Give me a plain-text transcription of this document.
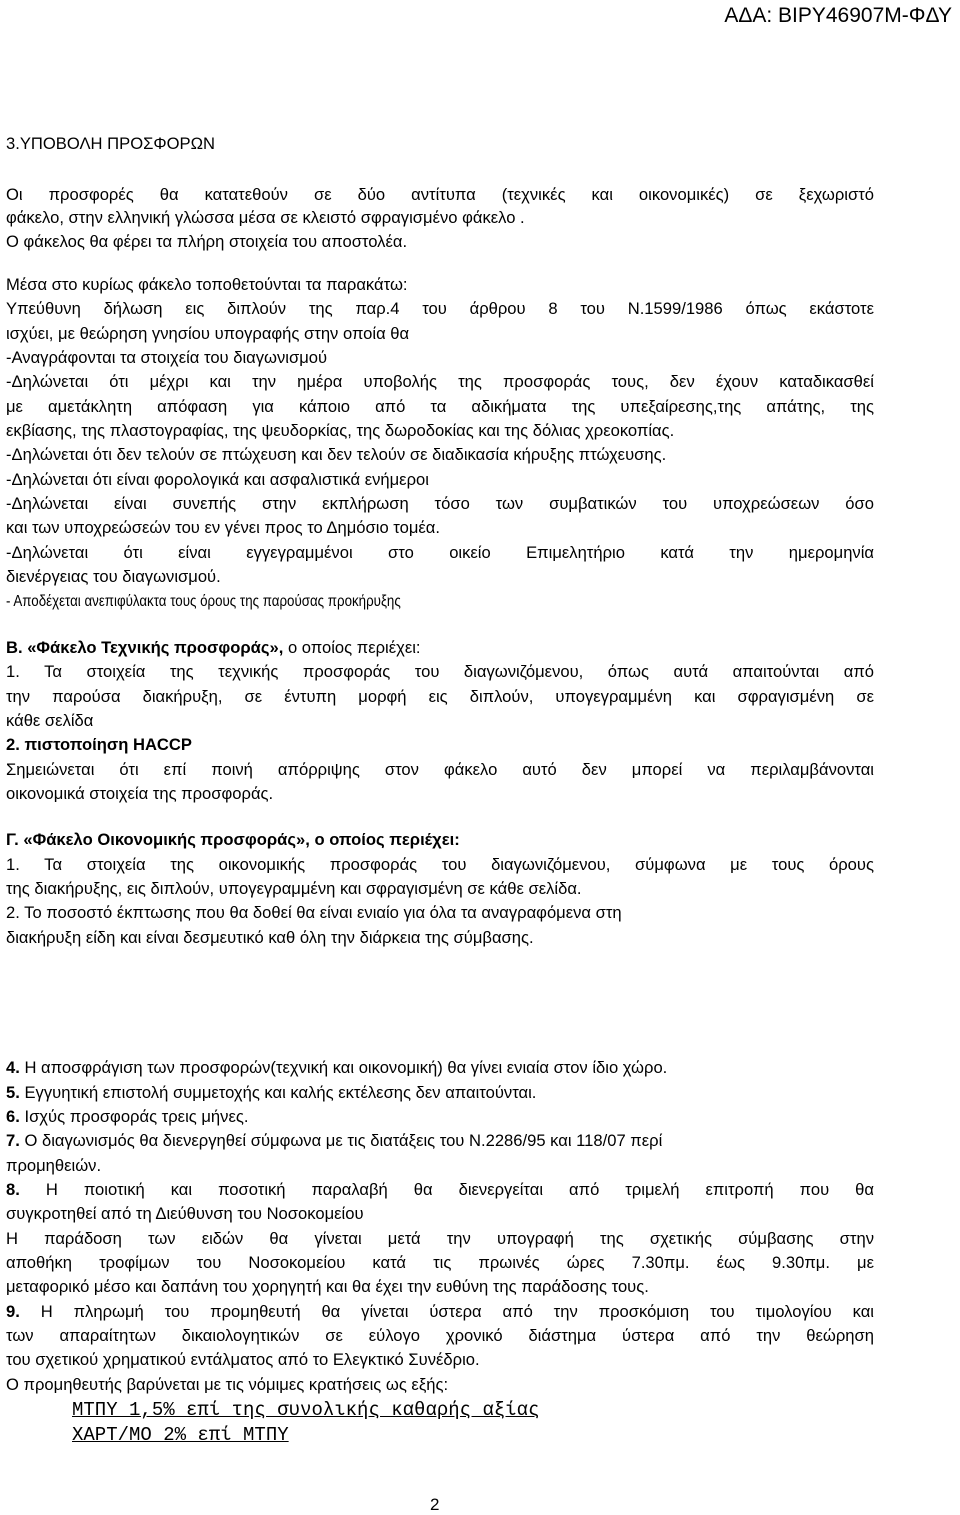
ΑΔΑ: ΒΙΡΥ46907Μ-ΦΔΥ
3.ΥΠΟΒΟΛΗ ΠΡΟΣΦΟΡΩΝ
Οι προσφορές θα κατατεθούν σε δύο αντίτυπα (τεχνικές και οικονομικές) σε ξεχωριστό
φάκελο, στην ελληνική γλώσσα μέσα σε κλειστό σφραγισμένο φάκελο .
Ο φάκελος θα φέρει τα πλήρη στοιχεία του αποστολέα.
Μέσα στο κυρίως φάκελο τοποθετούνται τα παρακάτω:
Υπεύθυνη δήλωση εις διπλούν της παρ.4 του άρθρου 8 του Ν.1599/1986 όπως εκάστοτε
ισχύει, με θεώρηση γνησίου υπογραφής στην οποία θα
-Αναγράφονται τα στοιχεία του διαγωνισμού
-Δηλώνεται ότι μέχρι και την ημέρα υποβολής της προσφοράς τους, δεν έχουν καταδικασθεί
με αμετάκλητη απόφαση για κάποιο από τα αδικήματα της υπεξαίρεσης,της απάτης, της
εκβίασης, της πλαστογραφίας, της ψευδορκίας, της δωροδοκίας και της δόλιας χρεοκοπίας.
-Δηλώνεται ότι δεν τελούν σε πτώχευση και δεν τελούν σε διαδικασία κήρυξης πτώχευσης.
-Δηλώνεται ότι είναι φορολογικά και ασφαλιστικά ενήμεροι
-Δηλώνεται είναι συνεπής στην εκπλήρωση τόσο των συμβατικών του υποχρεώσεων όσο
και των υποχρεώσεών του εν γένει προς το Δημόσιο τομέα.
-Δηλώνεται ότι είναι εγγεγραμμένοι στο οικείο Επιμελητήριο κατά την ημερομηνία
διενέργειας του διαγωνισμού.
- Αποδέχεται ανεπιφύλακτα τους όρους της παρούσας προκήρυξης
Β. «Φάκελο Τεχνικής προσφοράς», ο οποίος περιέχει:
1. Τα στοιχεία της τεχνικής προσφοράς του διαγωνιζόμενου, όπως αυτά απαιτούνται από
την παρούσα διακήρυξη, σε έντυπη μορφή εις διπλούν, υπογεγραμμένη και σφραγισμένη σε
κάθε σελίδα
2. πιστοποίηση HACCP
Σημειώνεται ότι επί ποινή απόρριψης στον φάκελο αυτό δεν μπορεί να περιλαμβάνονται
οικονομικά στοιχεία της προσφοράς.
Γ. «Φάκελο Οικονομικής προσφοράς», ο οποίος περιέχει:
1. Τα στοιχεία της οικονομικής προσφοράς του διαγωνιζόμενου, σύμφωνα με τους όρους
της διακήρυξης, εις διπλούν, υπογεγραμμένη και σφραγισμένη σε κάθε σελίδα.
2. Το ποσοστό έκπτωσης που θα δοθεί θα είναι ενιαίο για όλα τα αναγραφόμενα στη
διακήρυξη είδη και είναι δεσμευτικό καθ όλη την διάρκεια της σύμβασης.
4. Η αποσφράγιση των προσφορών(τεχνική και οικονομική) θα γίνει ενιαία στον ίδιο χώρο.
5. Εγγυητική επιστολή συμμετοχής και καλής εκτέλεσης δεν απαιτούνται.
6. Ισχύς προσφοράς τρεις μήνες.
7. Ο διαγωνισμός θα διενεργηθεί σύμφωνα με τις διατάξεις του Ν.2286/95 και 118/07 περί
προμηθειών.
8. Η ποιοτική και ποσοτική παραλαβή θα διενεργείται από τριμελή επιτροπή που θα
συγκροτηθεί από τη Διεύθυνση του Νοσοκομείου
Η παράδοση των ειδών θα γίνεται μετά την υπογραφή της σχετικής σύμβασης στην
αποθήκη τροφίμων του Νοσοκομείου κατά τις πρωινές ώρες 7.30πμ. έως 9.30πμ. με
μεταφορικό μέσο και δαπάνη του χορηγητή και θα έχει την ευθύνη της παράδοσης τους.
9. Η πληρωμή του προμηθευτή θα γίνεται ύστερα από την προσκόμιση του τιμολογίου και
των απαραίτητων δικαιολογητικών σε εύλογο χρονικό διάστημα ύστερα από την θεώρηση
του σχετικού χρηματικού εντάλματος από το Ελεγκτικό Συνέδριο.
Ο προμηθευτής βαρύνεται με τις νόμιμες κρατήσεις ως εξής:
ΜΤΠΥ 1,5% επί της συνολικής καθαρής αξίας
ΧΑΡΤ/ΜΟ 2% επί ΜΤΠΥ
2
